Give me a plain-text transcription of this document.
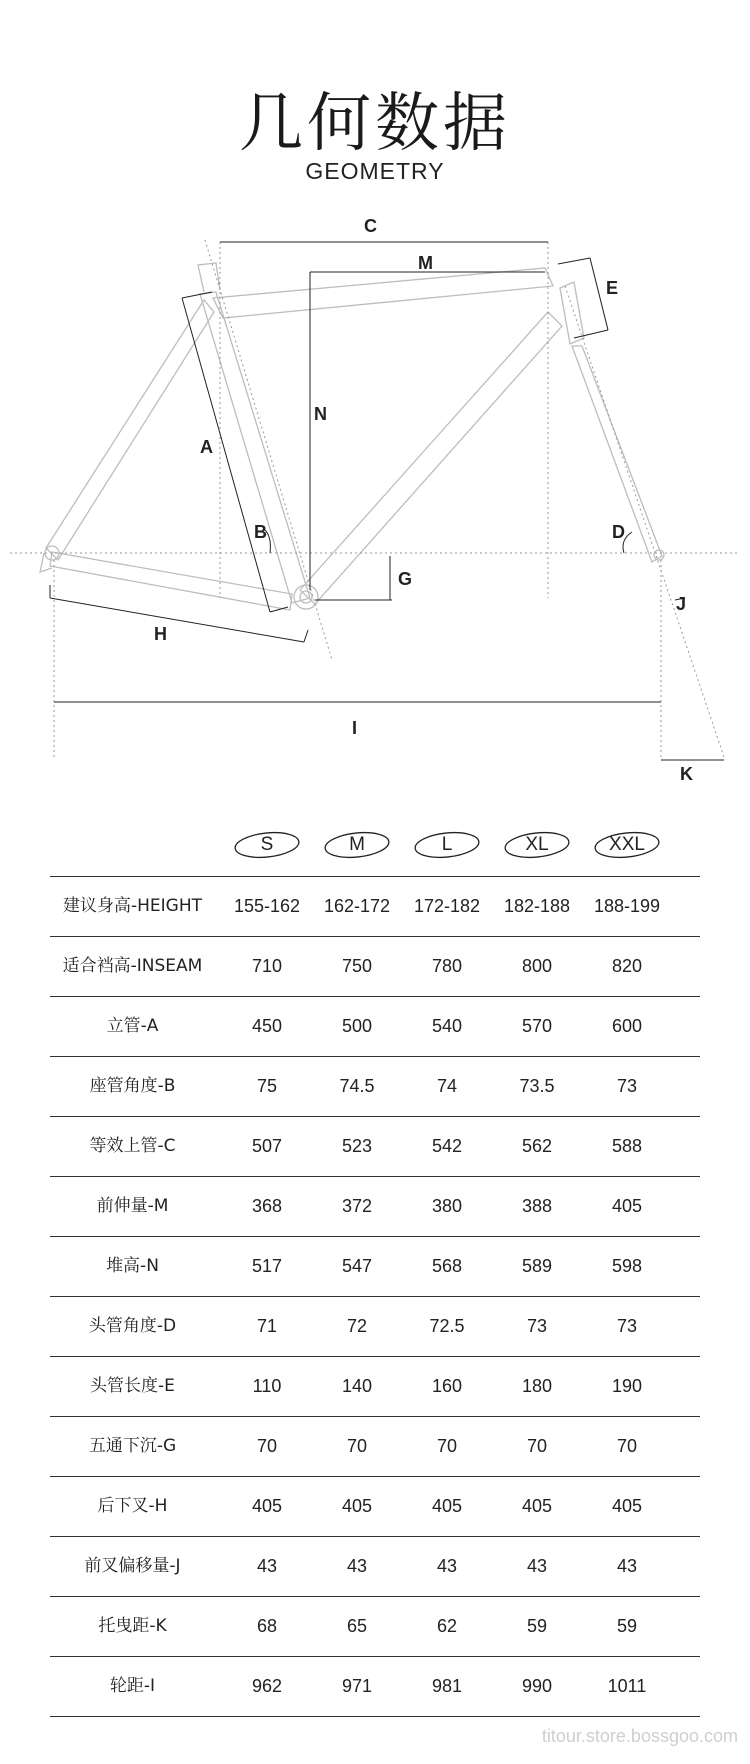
几何数据
GEOMETRY
C
M
E
N
A
B	D
G
J
H
I
K
S	M	L	XL	XXL
建议身高-HEIGHT	155-162	162-172	172-182	182-188	188-199
适合裆高-INSEAM	710	750	780	800	820
立管-A	450	500	540	570	600
座管角度-B	75	74.5	74	73.5	73
等效上管-C	507	523	542	562	588
前伸量-M	368	372	380	388	405
堆高-N	517	547	568	589	598
头管角度-D	71	72	72.5	73	73
头管长度-E	110	140	160	180	190
五通下沉-G	70	70	70	70	70
后下叉-H	405	405	405	405	405
前叉偏移量-J	43	43	43	43	43
托曳距-K	68	65	62	59	59
轮距-I	962	971	981	990	1011
titour.store.bossgoo.com
